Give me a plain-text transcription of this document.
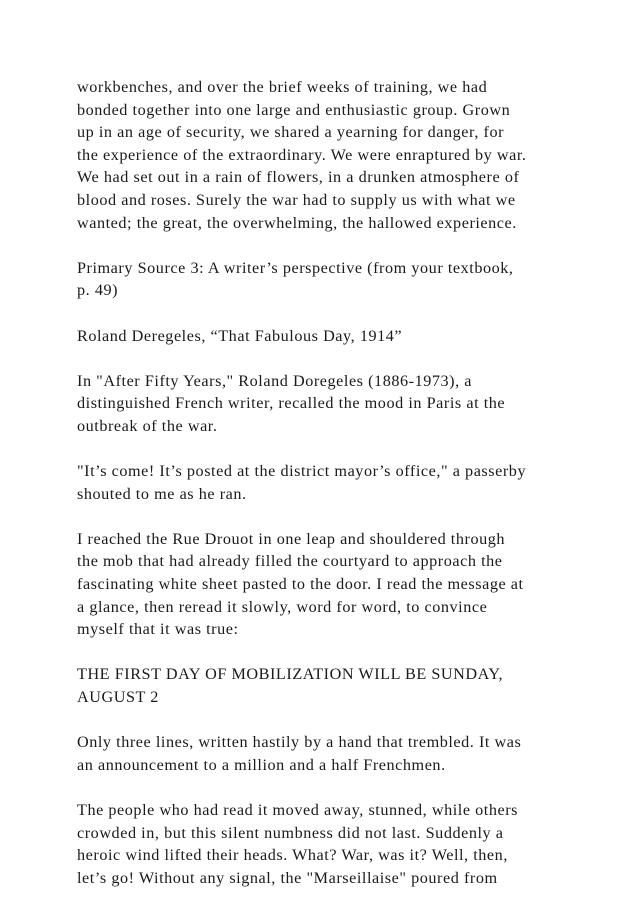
workbenches, and over the brief weeks of training, we had
bonded together into one large and enthusiastic group. Grown
up in an age of security, we shared a yearning for danger, for
the experience of the extraordinary. We were enraptured by war.
We had set out in a rain of flowers, in a drunken atmosphere of
blood and roses. Surely the war had to supply us with what we
wanted; the great, the overwhelming, the hallowed experience.

Primary Source 3: A writer’s perspective (from your textbook,
p. 49)

Roland Deregeles, “That Fabulous Day, 1914”

In "After Fifty Years," Roland Doregeles (1886-1973), a
distinguished French writer, recalled the mood in Paris at the
outbreak of the war.

"It’s come! It’s posted at the district mayor’s office," a passerby
shouted to me as he ran.

I reached the Rue Drouot in one leap and shouldered through
the mob that had already filled the courtyard to approach the
fascinating white sheet pasted to the door. I read the message at
a glance, then reread it slowly, word for word, to convince
myself that it was true:

THE FIRST DAY OF MOBILIZATION WILL BE SUNDAY,
AUGUST 2

Only three lines, written hastily by a hand that trembled. It was
an announcement to a million and a half Frenchmen.

The people who had read it moved away, stunned, while others
crowded in, but this silent numbness did not last. Suddenly a
heroic wind lifted their heads. What? War, was it? Well, then,
let’s go! Without any signal, the "Marseillaise" poured from
